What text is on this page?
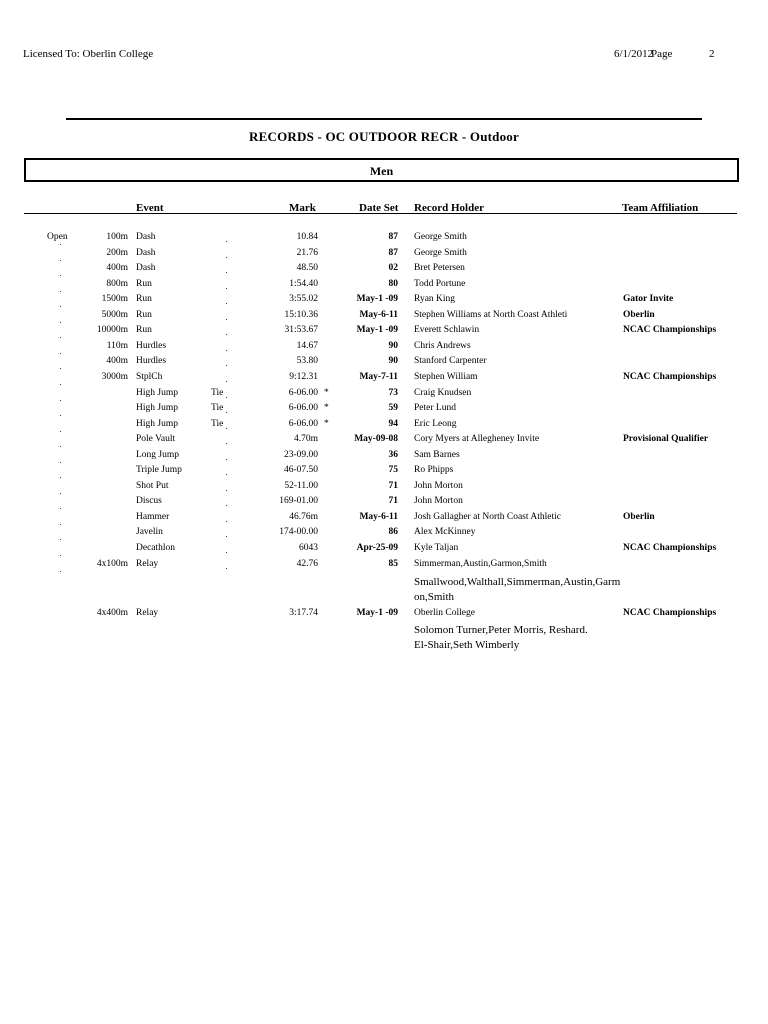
Licensed To: Oberlin College	6/1/2012
Page	2
RECORDS - OC OUTDOOR RECR - Outdoor
Men
Event	Mark	Date Set Record Holder	Team Affiliation
Open	100m Dash	10.84	87 George Smith
200m Dash	21.76	87 George Smith
400m Dash	48.50	02 Bret Petersen
800m Run	1:54.40	80 Todd Portune
1500m Run	3:55.02	May-1 -09 Ryan King	Gator Invite
5000m Run	15:10.36	May-6-11 Stephen Williams at North Coast Athleti	Oberlin
10000m Run	31:53.67	May-1 -09 Everett Schlawin	NCAC Championships
110m Hurdles	14.67	90 Chris Andrews
400m Hurdles	53.80	90 Stanford Carpenter
3000m StplCh	9:12.31	May-7-11 Stephen William	NCAC Championships
High Jump	Tie	6-06.00 *	73 Craig Knudsen
High Jump	Tie	6-06.00 *	59 Peter Lund
High Jump	Tie	6-06.00 *	94 Eric Leong
Pole Vault	4.70m	May-09-08 Cory Myers at Allegheney Invite	Provisional Qualifier
Long Jump	23-09.00	36 Sam Barnes
Triple Jump	46-07.50	75 Ro Phipps
Shot Put	52-11.00	71 John Morton
Discus	169-01.00	71 John Morton
Hammer	46.76m	May-6-11 Josh Gallagher at North Coast Athletic	Oberlin
Javelin	174-00.00	86 Alex McKinney
Decathlon	6043	Apr-25-09 Kyle Taljan	NCAC Championships
4x100m Relay	42.76	85 Simmerman,Austin,Garmon,Smith
Smallwood,Walthall,Simmerman,Austin,Garm
on,Smith
4x400m Relay	3:17.74	May-1 -09 Oberlin College	NCAC Championships
Solomon Turner,Peter Morris, Reshard.
El-Shair,Seth Wimberly
